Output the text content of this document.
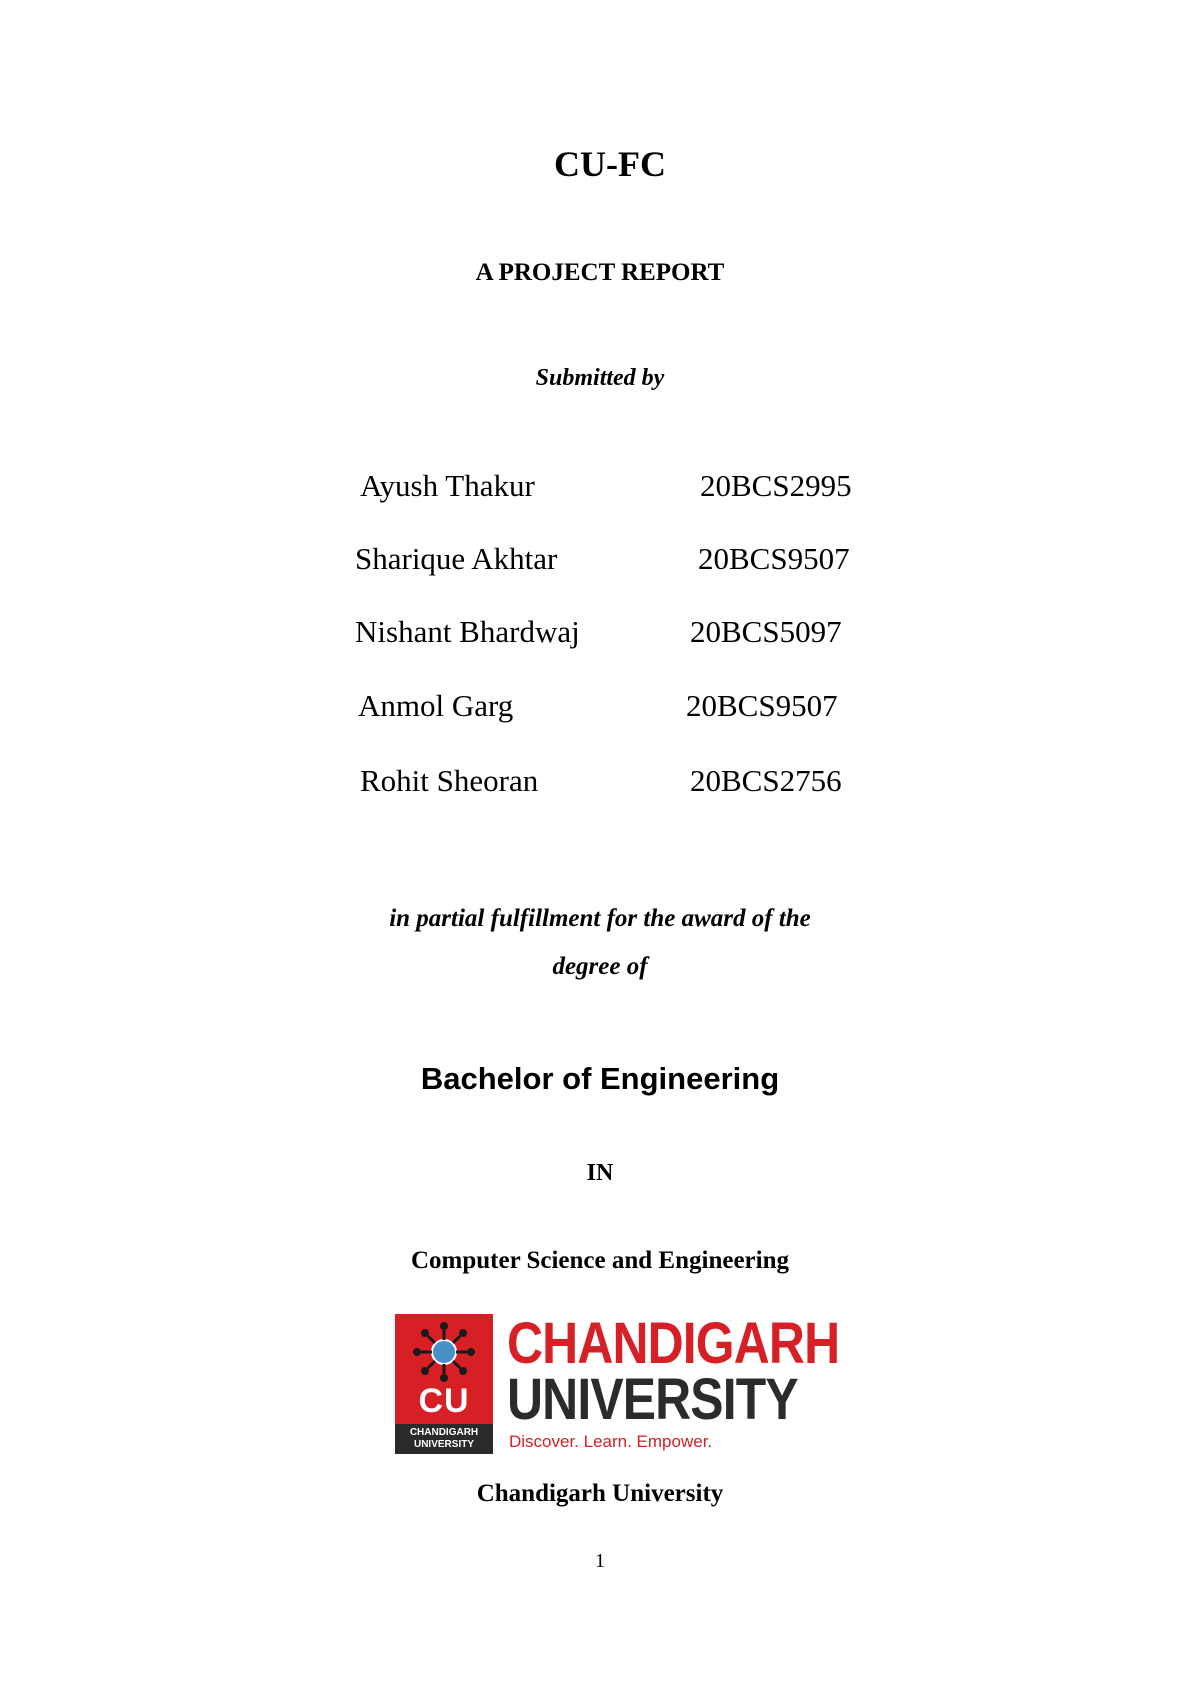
CU-FC
A PROJECT REPORT
Submitted by
Ayush Thakur	20BCS2995
Sharique Akhtar	20BCS9507
Nishant Bhardwaj	20BCS5097
Anmol Garg	20BCS9507
Rohit Sheoran	20BCS2756
in partial fulfillment for the award of the
degree of
Bachelor of Engineering
IN
Computer Science and Engineering
CU
CHANDIGARH
UNIVERSITY
CHANDIGARH
UNIVERSITY
Discover. Learn. Empower.
Chandigarh University
1
